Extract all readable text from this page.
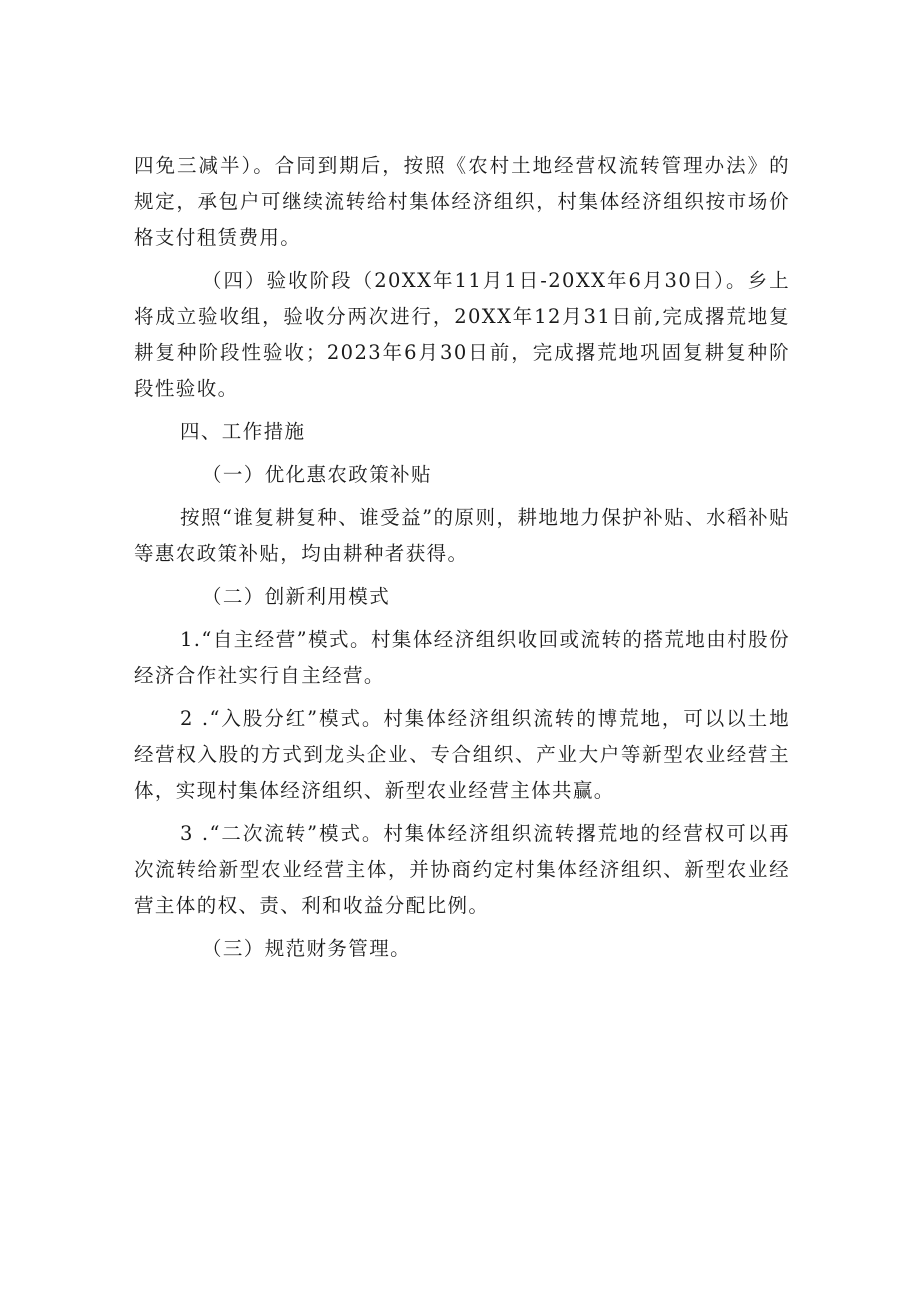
四免三减半）。合同到期后，按照《农村土地经营权流转管理办法》的规定，承包户可继续流转给村集体经济组织，村集体经济组织按市场价格支付租赁费用。

（四）验收阶段（20XX年11月1日-20XX年6月30日）。乡上将成立验收组，验收分两次进行，20XX年12月31日前,完成撂荒地复耕复种阶段性验收；2023年6月30日前，完成撂荒地巩固复耕复种阶段性验收。

四、工作措施

（一）优化惠农政策补贴

按照“谁复耕复种、谁受益”的原则，耕地地力保护补贴、水稻补贴等惠农政策补贴，均由耕种者获得。

（二）创新利用模式

1.“自主经营”模式。村集体经济组织收回或流转的搭荒地由村股份经济合作社实行自主经营。

2 .“入股分红”模式。村集体经济组织流转的博荒地，可以以土地经营权入股的方式到龙头企业、专合组织、产业大户等新型农业经营主体，实现村集体经济组织、新型农业经营主体共赢。

3 .“二次流转”模式。村集体经济组织流转撂荒地的经营权可以再次流转给新型农业经营主体，并协商约定村集体经济组织、新型农业经营主体的权、责、利和收益分配比例。

（三）规范财务管理。
